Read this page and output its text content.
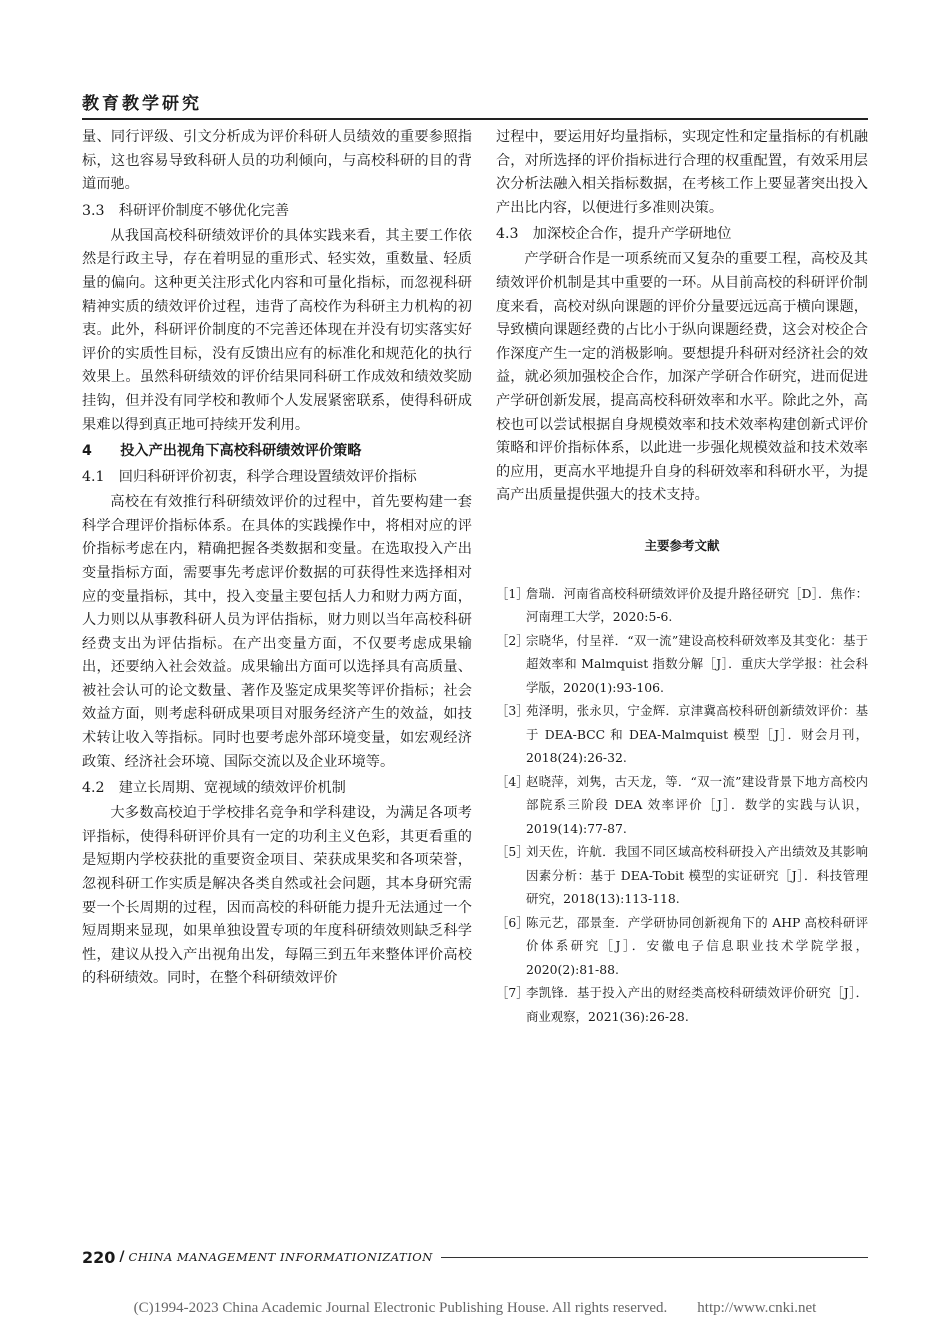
教育教学研究

量、同行评级、引文分析成为评价科研人员绩效的重要参照指标，这也容易导致科研人员的功利倾向，与高校科研的目的背道而驰。

3.3　科研评价制度不够优化完善

从我国高校科研绩效评价的具体实践来看，其主要工作依然是行政主导，存在着明显的重形式、轻实效，重数量、轻质量的偏向。这种更关注形式化内容和可量化指标，而忽视科研精神实质的绩效评价过程，违背了高校作为科研主力机构的初衷。此外，科研评价制度的不完善还体现在并没有切实落实好评价的实质性目标，没有反馈出应有的标准化和规范化的执行效果上。虽然科研绩效的评价结果同科研工作成效和绩效奖励挂钩，但并没有同学校和教师个人发展紧密联系，使得科研成果难以得到真正地可持续开发利用。

4　　投入产出视角下高校科研绩效评价策略
4.1　回归科研评价初衷，科学合理设置绩效评价指标

高校在有效推行科研绩效评价的过程中，首先要构建一套科学合理评价指标体系。在具体的实践操作中，将相对应的评价指标考虑在内，精确把握各类数据和变量。在选取投入产出变量指标方面，需要事先考虑评价数据的可获得性来选择相对应的变量指标，其中，投入变量主要包括人力和财力两方面，人力则以从事教科研人员为评估指标，财力则以当年高校科研经费支出为评估指标。在产出变量方面，不仅要考虑成果输出，还要纳入社会效益。成果输出方面可以选择具有高质量、被社会认可的论文数量、著作及鉴定成果奖等评价指标；社会效益方面，则考虑科研成果项目对服务经济产生的效益，如技术转让收入等指标。同时也要考虑外部环境变量，如宏观经济政策、经济社会环境、国际交流以及企业环境等。

4.2　建立长周期、宽视域的绩效评价机制

大多数高校迫于学校排名竞争和学科建设，为满足各项考评指标，使得科研评价具有一定的功利主义色彩，其更看重的是短期内学校获批的重要资金项目、荣获成果奖和各项荣誉，忽视科研工作实质是解决各类自然或社会问题，其本身研究需要一个长周期的过程，因而高校的科研能力提升无法通过一个短周期来显现，如果单独设置专项的年度科研绩效则缺乏科学性，建议从投入产出视角出发，每隔三到五年来整体评价高校的科研绩效。同时，在整个科研绩效评价

过程中，要运用好均量指标，实现定性和定量指标的有机融合，对所选择的评价指标进行合理的权重配置，有效采用层次分析法融入相关指标数据，在考核工作上要显著突出投入产出比内容，以便进行多准则决策。

4.3　加深校企合作，提升产学研地位

产学研合作是一项系统而又复杂的重要工程，高校及其绩效评价机制是其中重要的一环。从目前高校的科研评价制度来看，高校对纵向课题的评价分量要远远高于横向课题，导致横向课题经费的占比小于纵向课题经费，这会对校企合作深度产生一定的消极影响。要想提升科研对经济社会的效益，就必须加强校企合作，加深产学研合作研究，进而促进产学研创新发展，提高高校科研效率和水平。除此之外，高校也可以尝试根据自身规模效率和技术效率构建创新式评价策略和评价指标体系，以此进一步强化规模效益和技术效率的应用，更高水平地提升自身的科研效率和科研水平，为提高产出质量提供强大的技术支持。

主要参考文献
［1］
詹瑞．河南省高校科研绩效评价及提升路径研究［D］．焦作：河南理工大学，2020:5-6.
［2］
宗晓华，付呈祥．“双一流”建设高校科研效率及其变化：基于超效率和 Malmquist 指数分解［J］．重庆大学学报：社会科学版，2020(1):93-106.
［3］
苑泽明，张永贝，宁金辉．京津冀高校科研创新绩效评价：基于 DEA-BCC 和 DEA-Malmquist 模型［J］．财会月刊，2018(24):26-32.
［4］
赵晓萍，刘隽，古天龙，等．“双一流”建设背景下地方高校内部院系三阶段 DEA 效率评价［J］．数学的实践与认识，2019(14):77-87.
［5］
刘天佐，许航．我国不同区域高校科研投入产出绩效及其影响因素分析：基于 DEA-Tobit 模型的实证研究［J］．科技管理研究，2018(13):113-118.
［6］
陈元艺，邵景奎．产学研协同创新视角下的 AHP 高校科研评价体系研究［J］．安徽电子信息职业技术学院学报，2020(2):81-88.
［7］
李凯锋．基于投入产出的财经类高校科研绩效评价研究［J］．商业观察，2021(36):26-28.
220 / CHINA MANAGEMENT INFORMATIONIZATION
(C)1994-2023 China Academic Journal Electronic Publishing House. All rights reserved.　　http://www.cnki.net
